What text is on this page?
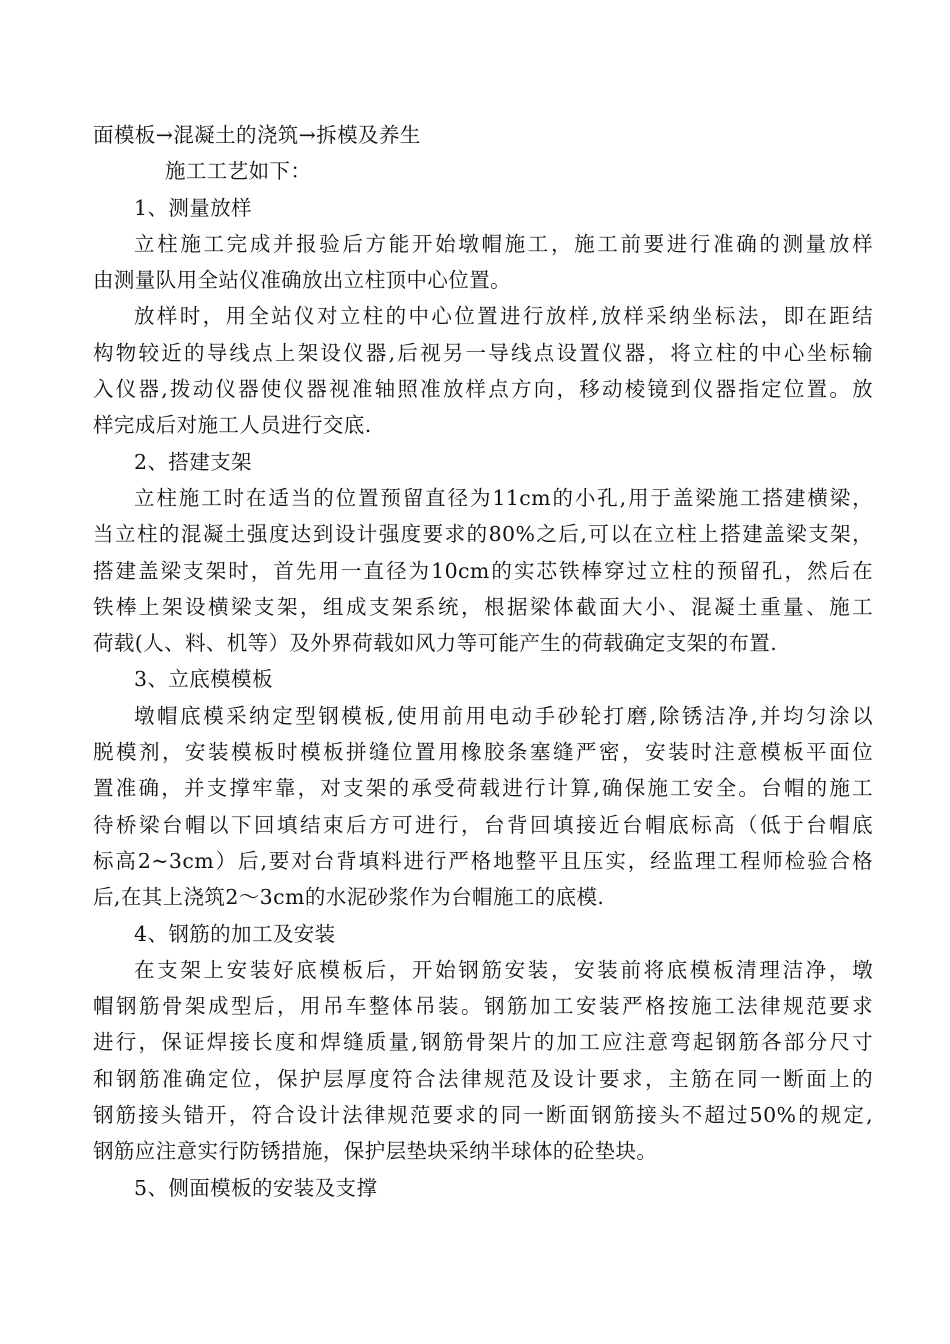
面模板→混凝土的浇筑→拆模及养生
施工工艺如下：
1、测量放样
立柱施工完成并报验后方能开始墩帽施工，施工前要进行准确的测量放样
由测量队用全站仪准确放出立柱顶中心位置。
放样时，用全站仪对立柱的中心位置进行放样,放样采纳坐标法，即在距结
构物较近的导线点上架设仪器,后视另一导线点设置仪器，将立柱的中心坐标输
入仪器,拨动仪器使仪器视准轴照准放样点方向，移动棱镜到仪器指定位置。放
样完成后对施工人员进行交底.
2、搭建支架
立柱施工时在适当的位置预留直径为11cm的小孔,用于盖梁施工搭建横梁，
当立柱的混凝土强度达到设计强度要求的80%之后,可以在立柱上搭建盖梁支架，
搭建盖梁支架时，首先用一直径为10cm的实芯铁棒穿过立柱的预留孔，然后在
铁棒上架设横梁支架，组成支架系统，根据梁体截面大小、混凝土重量、施工
荷载(人、料、机等）及外界荷载如风力等可能产生的荷载确定支架的布置.
3、立底模模板
墩帽底模采纳定型钢模板,使用前用电动手砂轮打磨,除锈洁净,并均匀涂以
脱模剂，安装模板时模板拼缝位置用橡胶条塞缝严密，安装时注意模板平面位
置准确，并支撑牢靠，对支架的承受荷载进行计算,确保施工安全。台帽的施工
待桥梁台帽以下回填结束后方可进行，台背回填接近台帽底标高（低于台帽底
标高2~3cm）后,要对台背填料进行严格地整平且压实，经监理工程师检验合格
后,在其上浇筑2～3cm的水泥砂浆作为台帽施工的底模.
4、钢筋的加工及安装
在支架上安装好底模板后，开始钢筋安装，安装前将底模板清理洁净，墩
帽钢筋骨架成型后，用吊车整体吊装。钢筋加工安装严格按施工法律规范要求
进行，保证焊接长度和焊缝质量,钢筋骨架片的加工应注意弯起钢筋各部分尺寸
和钢筋准确定位，保护层厚度符合法律规范及设计要求，主筋在同一断面上的
钢筋接头错开，符合设计法律规范要求的同一断面钢筋接头不超过50%的规定,
钢筋应注意实行防锈措施，保护层垫块采纳半球体的砼垫块。
5、侧面模板的安装及支撑
